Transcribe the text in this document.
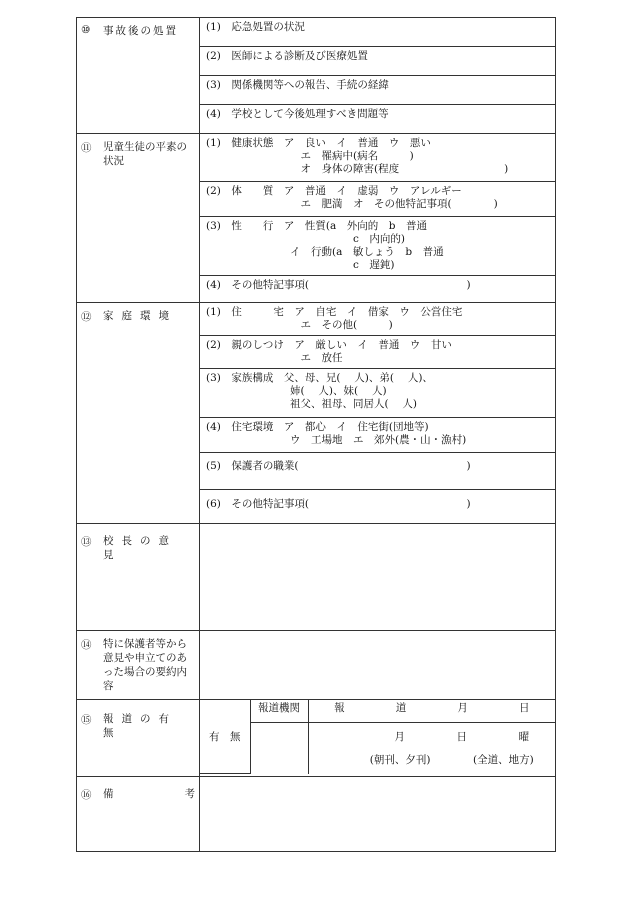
⑩	事故後の処置	(1)　応急処置の状況
(2)　医師による診断及び医療処置
(3)　関係機関等への報告、手続の経緯
(4)　学校として今後処理すべき問題等

⑪	児童生徒の平素の状況

(1)　健康状態　ア　良い　イ　普通　ウ　悪い
　　　　　　　　　エ　罹病中(病名　　　)
　　　　　　　　　オ　身体の障害(程度　　　　　　　　　　)
(2)　体　　質　ア　普通　イ　虚弱　ウ　アレルギー
　　　　　　　　　エ　肥満　オ　その他特記事項(　　　　)
(3)　性　　行　ア　性質(a　外向的　b　普通
　　　　　　　　　　　　　　c　内向的)
　　　　　　　　イ　行動(a　敏しょう　b　普通
　　　　　　　　　　　　　　c　遅鈍)
(4)　その他特記事項(　　　　　　　　　　　　　　　)

⑫	家庭環境	(1)　住　　　宅　ア　自宅　イ　借家　ウ　公営住宅
　　　　　　　　　エ　その他(　　　)
(2)　親のしつけ　ア　厳しい　イ　普通　ウ　甘い
　　　　　　　　　エ　放任
(3)　家族構成　父、母、兄(　 人)、弟(　 人)、
　　　　　　　　姉(　 人)、妹(　 人)
　　　　　　　　祖父、祖母、同居人(　 人)
(4)　住宅環境　ア　都心　イ　住宅街(団地等)
　　　　　　　　ウ　工場地　エ　郊外(農・山・漁村)
(5)　保護者の職業(　　　　　　　　　　　　　　　　)
(6)　その他特記事項(　　　　　　　　　　　　　　　)

⑬	校長の意見

⑭	特に保護者等から意見や申立てのあった場合の要約内容

⑮	報道の有無
		有　無	報道機関	報	道	月	日

月	日	曜
(朝刊、夕刊)	(全道、地方)

⑯	備	考
